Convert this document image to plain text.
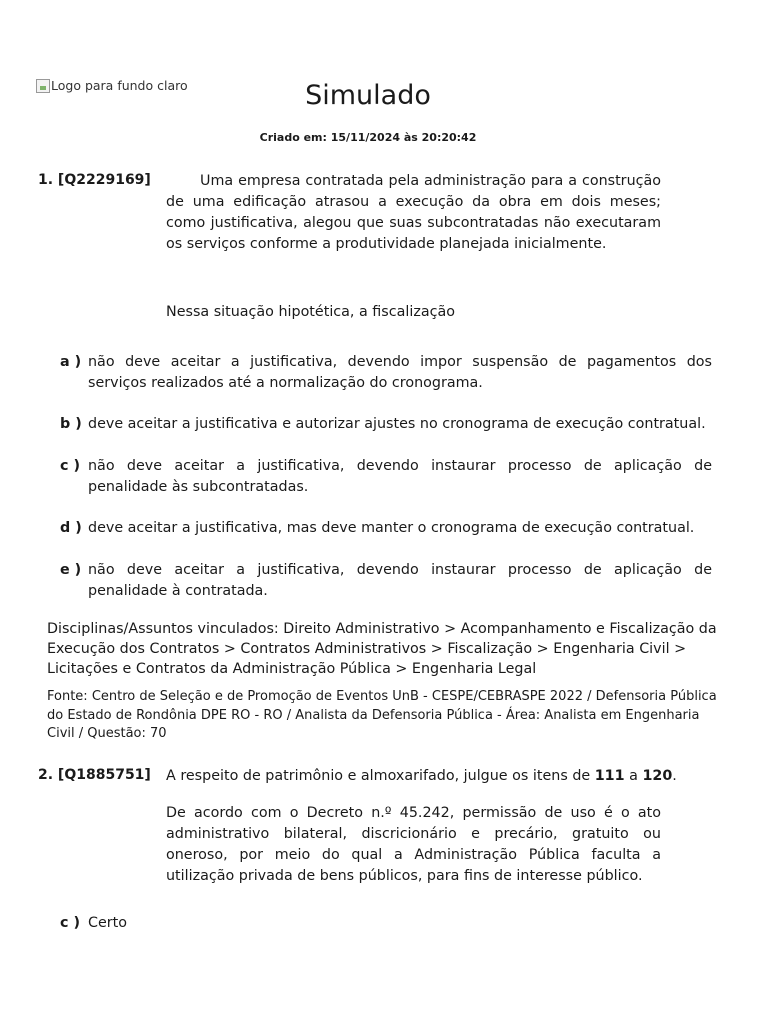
Logo para fundo claro	Simulado
Criado em: 15/11/2024 às 20:20:42
1. [Q2229169]	Uma empresa contratada pela administração para a construção de uma edificação atrasou a execução da obra em dois meses; como justificativa, alegou que suas subcontratadas não executaram os serviços conforme a produtividade planejada inicialmente.
Nessa situação hipotética, a fiscalização
a ) não deve aceitar a justificativa, devendo impor suspensão de pagamentos dos serviços realizados até a normalização do cronograma.
b ) deve aceitar a justificativa e autorizar ajustes no cronograma de execução contratual.
c ) não deve aceitar a justificativa, devendo instaurar processo de aplicação de penalidade às subcontratadas.
d ) deve aceitar a justificativa, mas deve manter o cronograma de execução contratual.
e ) não deve aceitar a justificativa, devendo instaurar processo de aplicação de penalidade à contratada.
Disciplinas/Assuntos vinculados: Direito Administrativo > Acompanhamento e Fiscalização da Execução dos Contratos > Contratos Administrativos > Fiscalização > Engenharia Civil > Licitações e Contratos da Administração Pública > Engenharia Legal
Fonte: Centro de Seleção e de Promoção de Eventos UnB - CESPE/CEBRASPE 2022 / Defensoria Pública do Estado de Rondônia DPE RO - RO / Analista da Defensoria Pública - Área: Analista em Engenharia Civil / Questão: 70
2. [Q1885751] A respeito de patrimônio e almoxarifado, julgue os itens de 111 a 120.
De acordo com o Decreto n.º 45.242, permissão de uso é o ato administrativo bilateral, discricionário e precário, gratuito ou oneroso, por meio do qual a Administração Pública faculta a utilização privada de bens públicos, para fins de interesse público.
c ) Certo
